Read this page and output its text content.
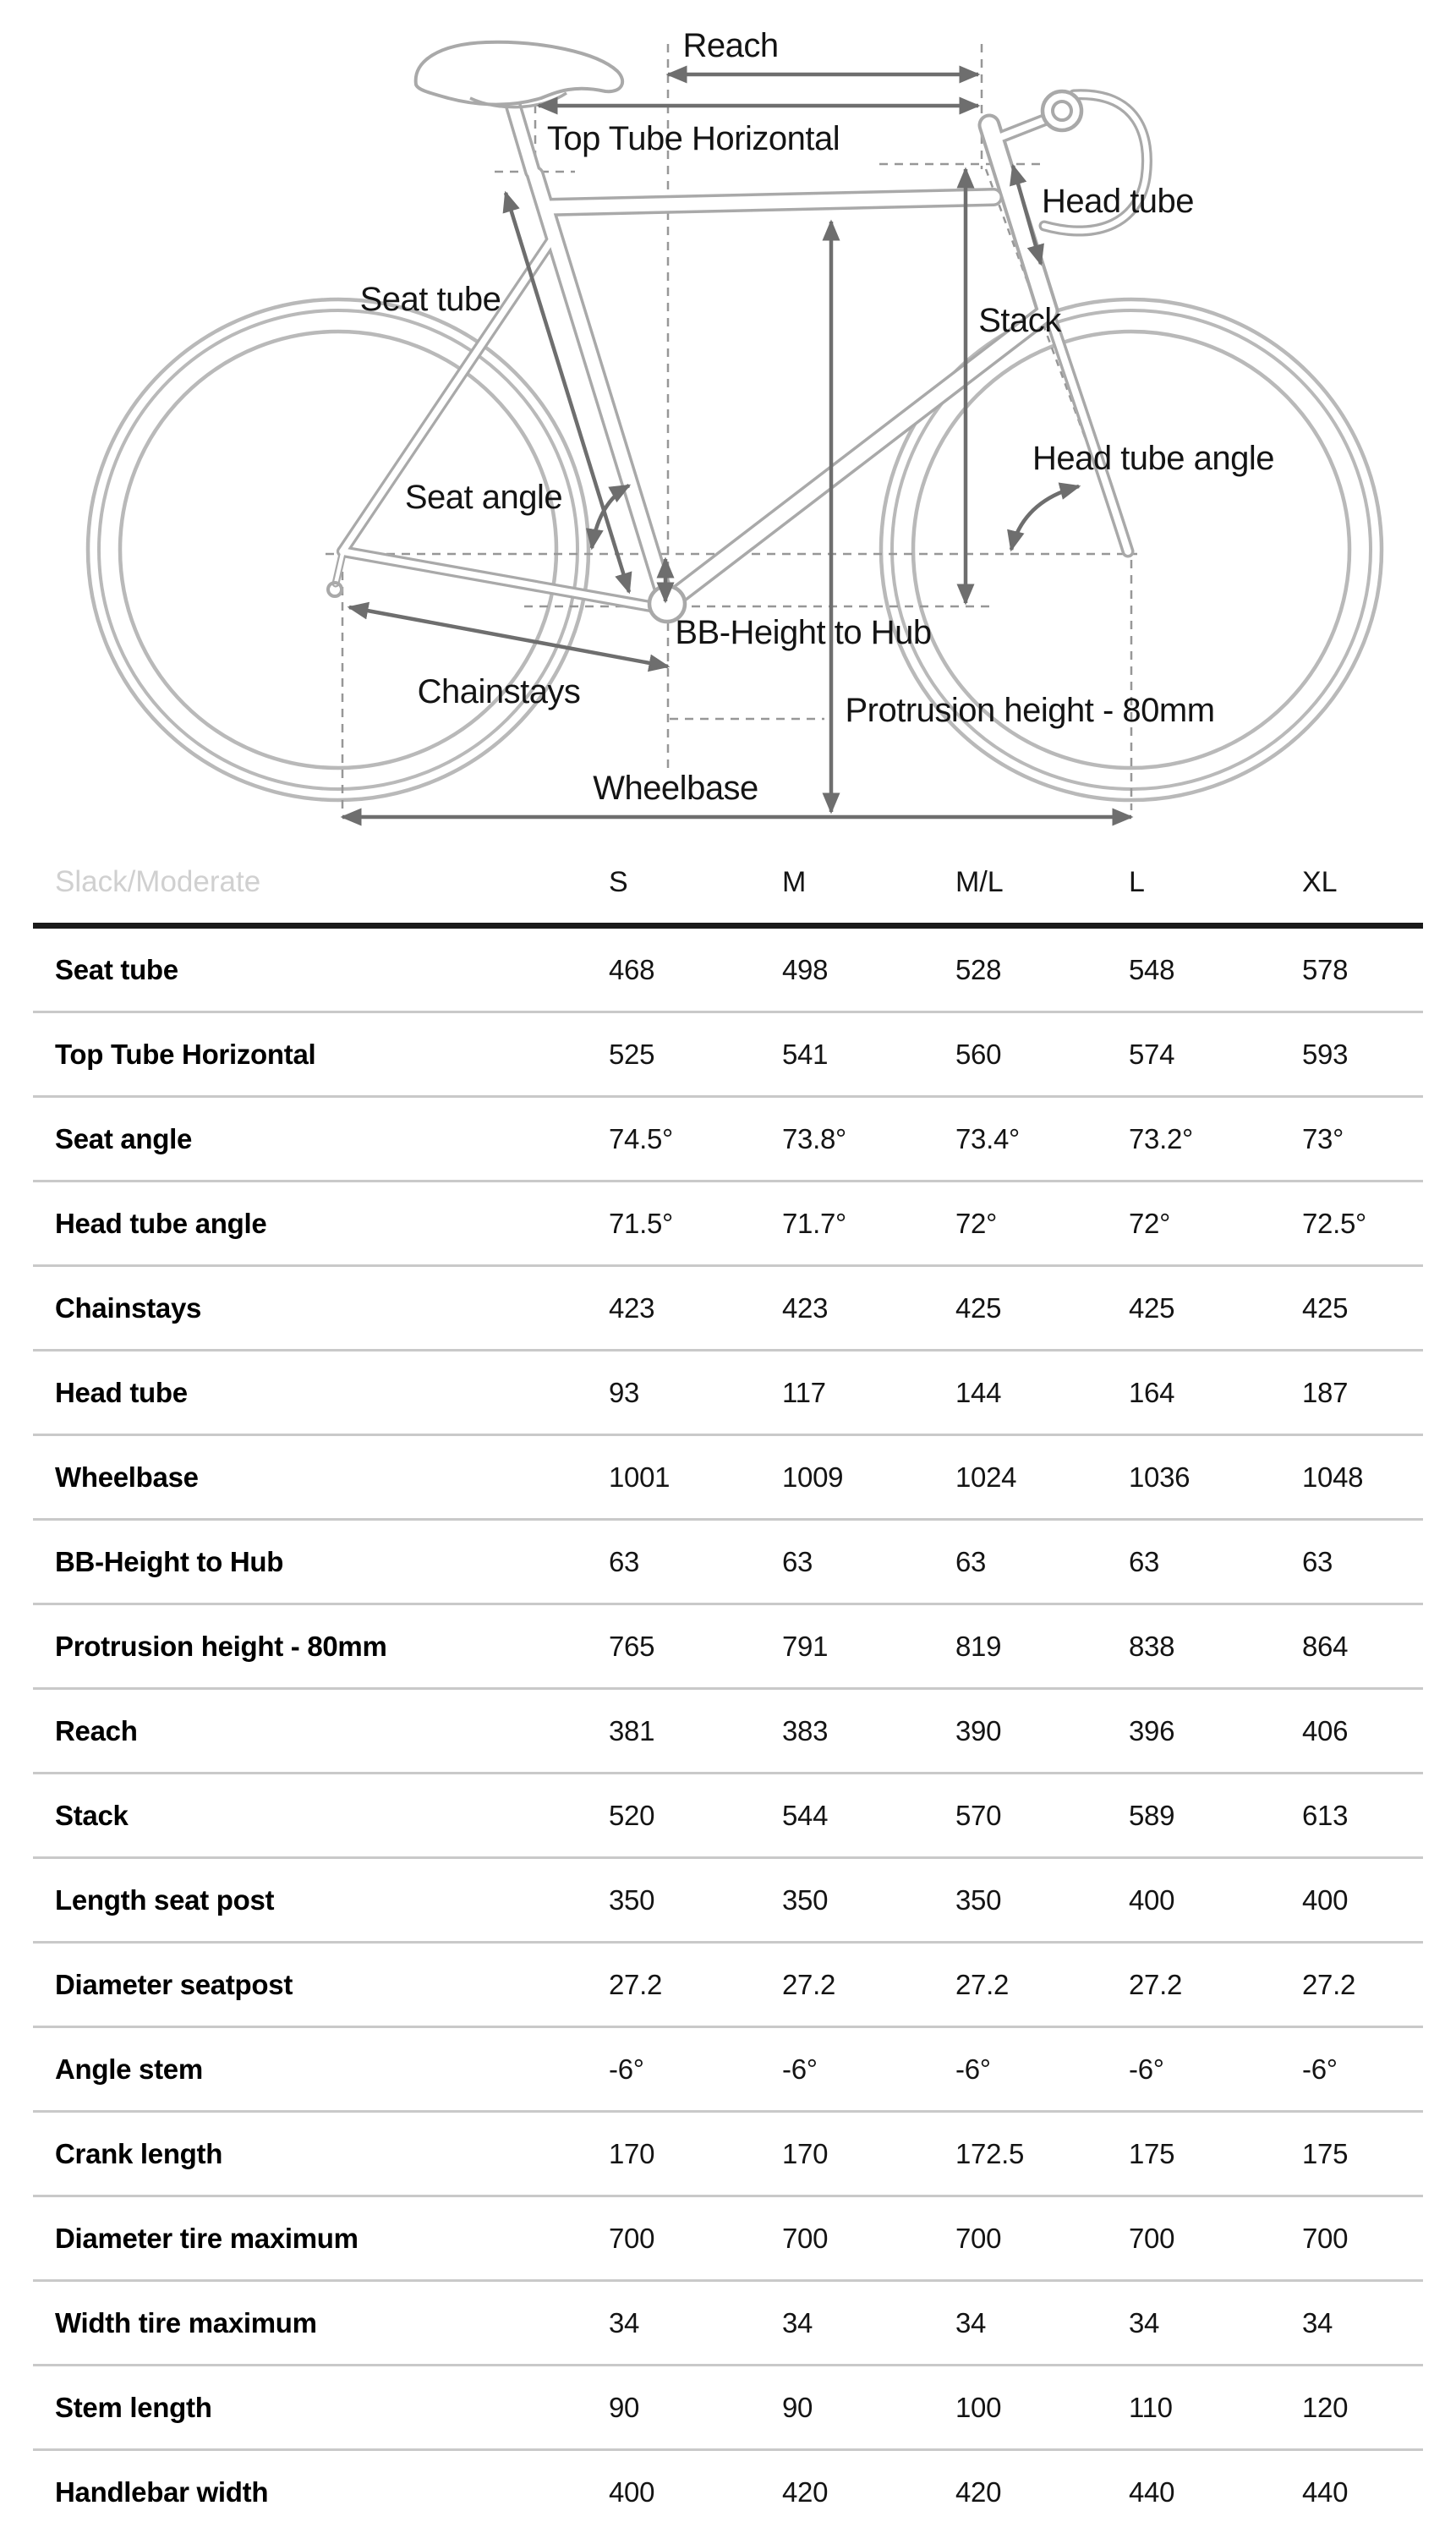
Reach
Top Tube Horizontal
Head tube
Seat tube
Stack
Head tube angle
Seat angle
BB-Height to Hub
Chainstays	Protrusion height - 80mm
Wheelbase
Slack/Moderate	S	M	M/L	L	XL
Seat tube	468	498	528	548	578
Top Tube Horizontal	525	541	560	574	593
Seat angle	74.5°	73.8°	73.4°	73.2°	73°
Head tube angle	71.5°	71.7°	72°	72°	72.5°
Chainstays	423	423	425	425	425
Head tube	93	117	144	164	187
Wheelbase	1001	1009	1024	1036	1048
BB-Height to Hub	63	63	63	63	63
Protrusion height - 80mm	765	791	819	838	864
Reach	381	383	390	396	406
Stack	520	544	570	589	613
Length seat post	350	350	350	400	400
Diameter seatpost	27.2	27.2	27.2	27.2	27.2
Angle stem	-6°	-6°	-6°	-6°	-6°
Crank length	170	170	172.5	175	175
Diameter tire maximum	700	700	700	700	700
Width tire maximum	34	34	34	34	34
Stem length	90	90	100	110	120
Handlebar width	400	420	420	440	440
